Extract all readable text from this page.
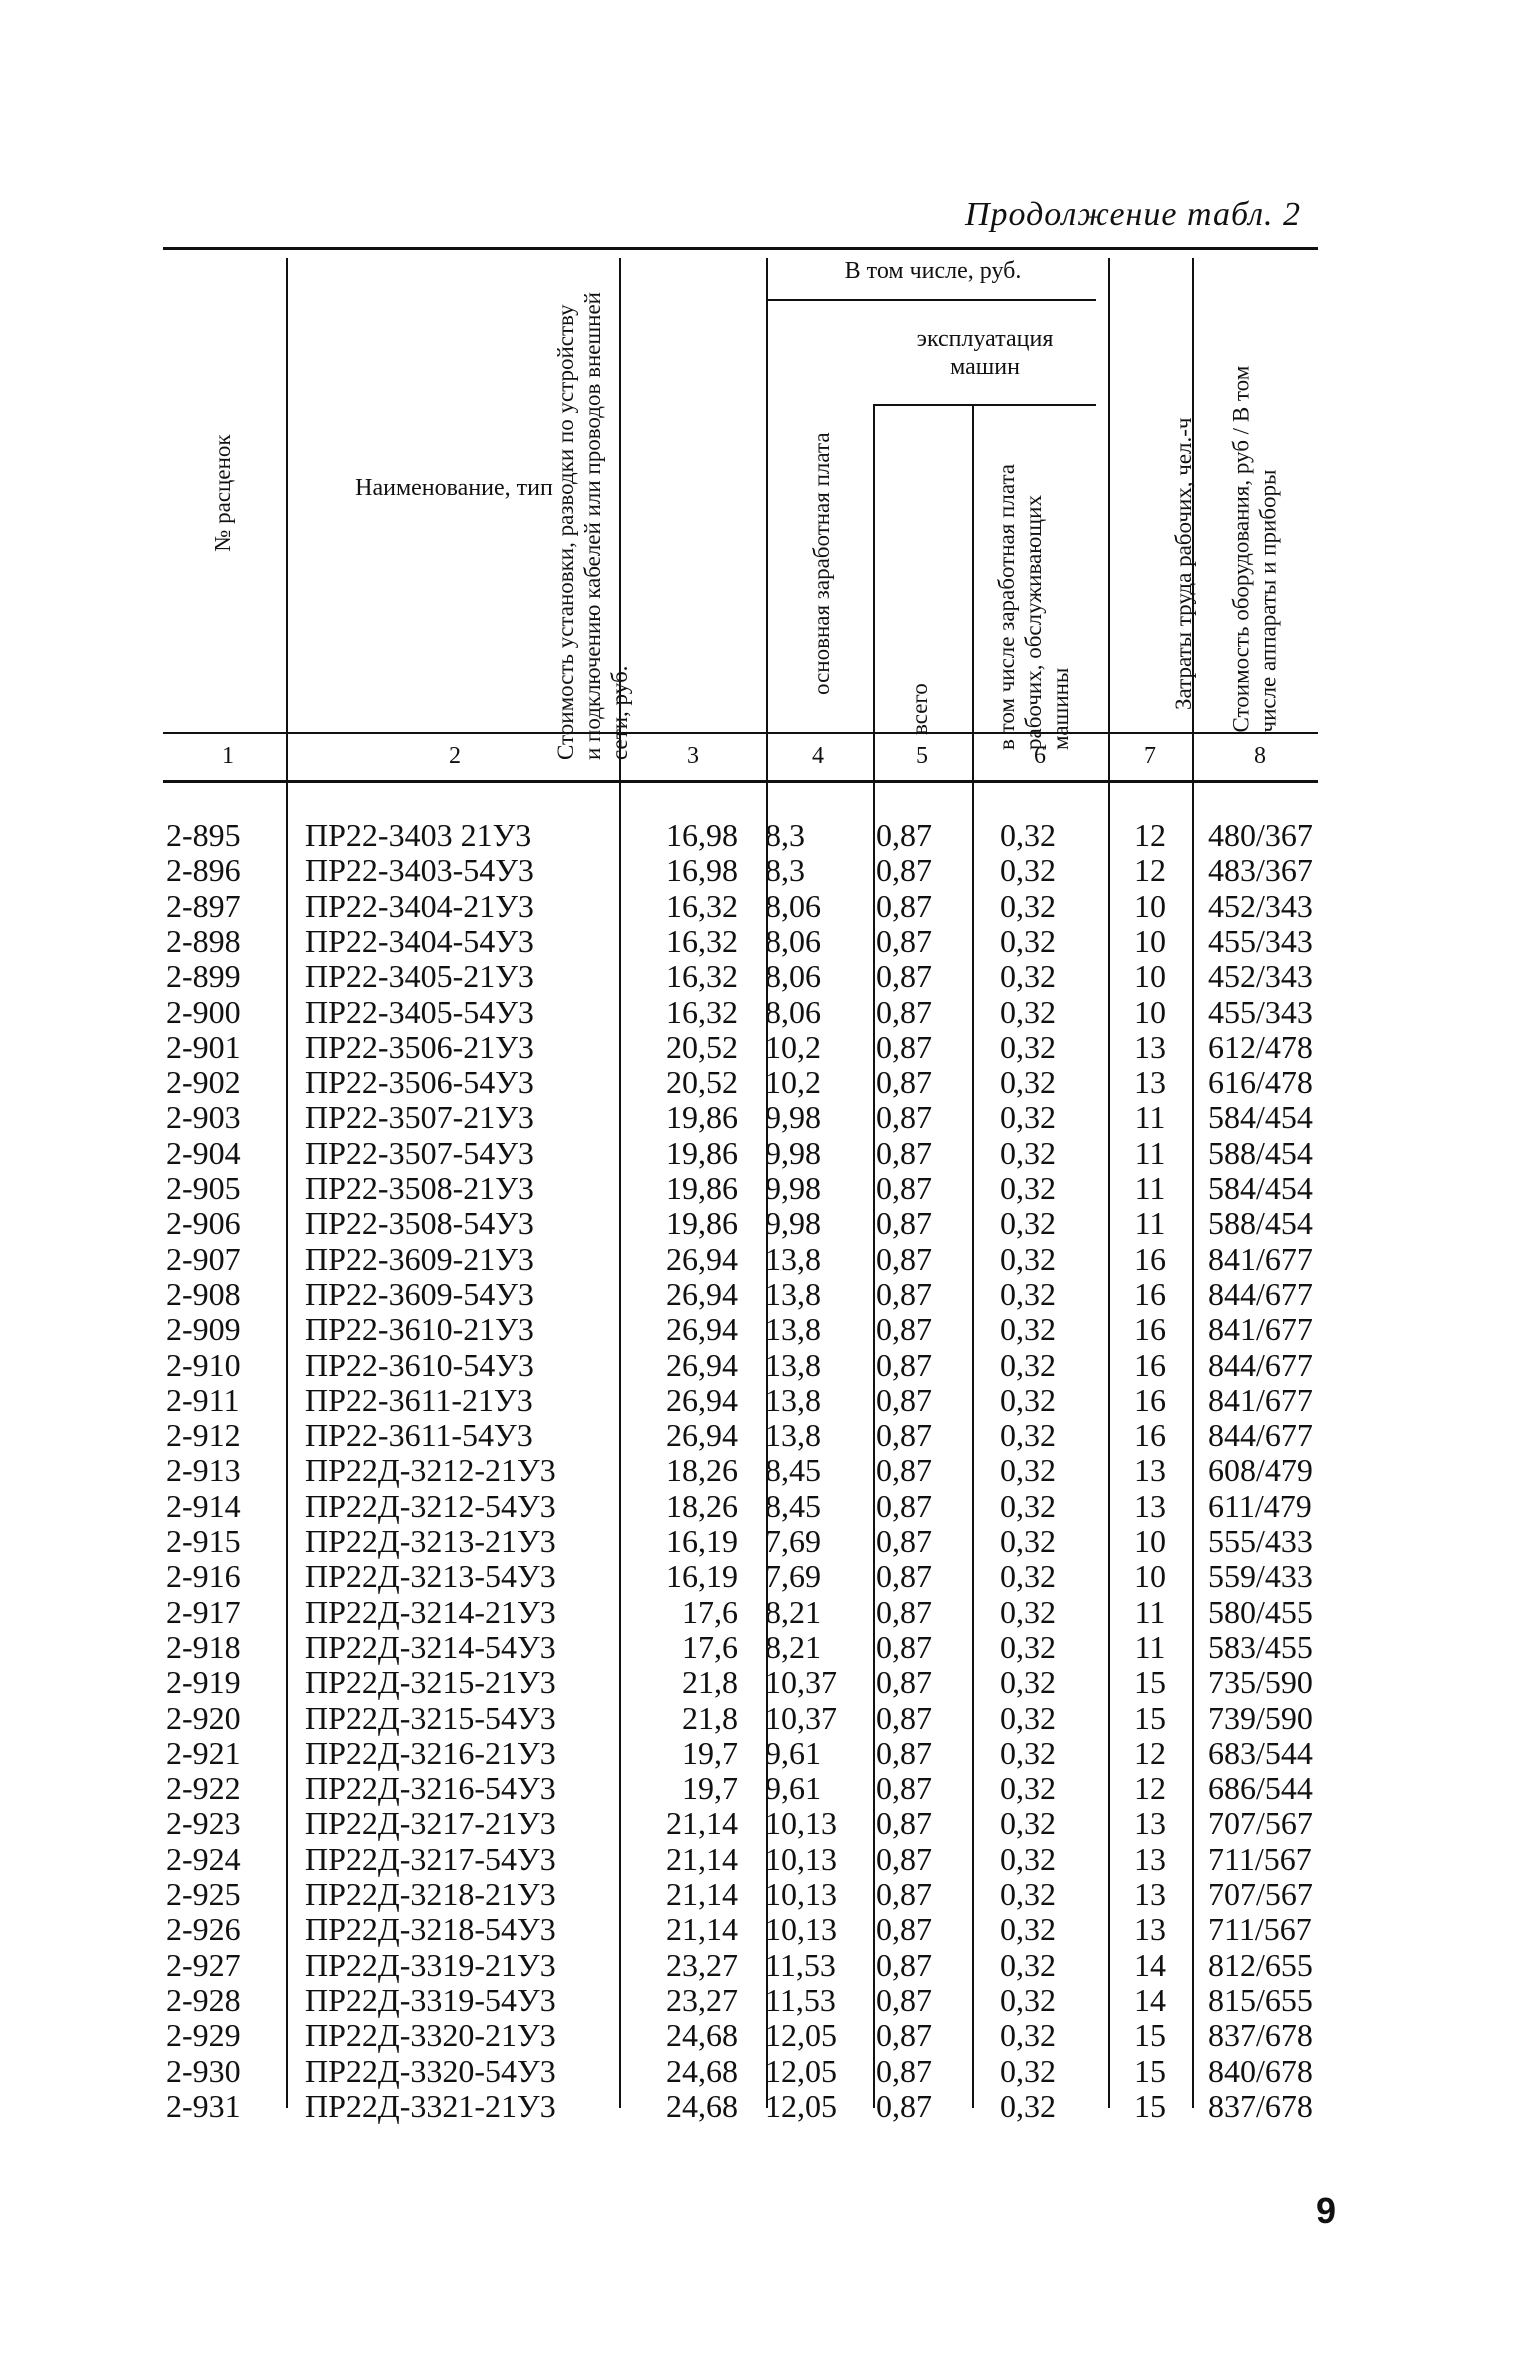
Продолжение табл. 2
№ расценок	Наименование, тип Стоимость установки, разводки по устройству и подключению кабелей или проводов внешней сети, руб.
В том числе, руб.
основная заработная плата
эксплуатация машин
всего	в том числе заработная плата рабочих, обслуживающих машины	Затраты труда рабочих, чел.-ч Стоимость оборудования, руб / В том числе аппараты и приборы
1	2	3	4	5	6	7	8
2-895	ПР22-3403 21У3	16,98 8,3	0,87	0,32	12	480/367
2-896	ПР22-3403-54У3	16,98 8,3	0,87	0,32	12	483/367
2-897	ПР22-3404-21У3	16,32 8,06	0,87	0,32	10	452/343
2-898	ПР22-3404-54У3	16,32 8,06	0,87	0,32	10	455/343
2-899	ПР22-3405-21У3	16,32 8,06	0,87	0,32	10	452/343
2-900	ПР22-3405-54У3	16,32 8,06	0,87	0,32	10	455/343
2-901	ПР22-3506-21У3	20,52 10,2	0,87	0,32	13	612/478
2-902	ПР22-3506-54У3	20,52 10,2	0,87	0,32	13	616/478
2-903	ПР22-3507-21У3	19,86 9,98	0,87	0,32	11	584/454
2-904	ПР22-3507-54У3	19,86 9,98	0,87	0,32	11	588/454
2-905	ПР22-3508-21У3	19,86 9,98	0,87	0,32	11	584/454
2-906	ПР22-3508-54У3	19,86 9,98	0,87	0,32	11	588/454
2-907	ПР22-3609-21У3	26,94 13,8	0,87	0,32	16	841/677
2-908	ПР22-3609-54У3	26,94 13,8	0,87	0,32	16	844/677
2-909	ПР22-3610-21У3	26,94 13,8	0,87	0,32	16	841/677
2-910	ПР22-3610-54У3	26,94 13,8	0,87	0,32	16	844/677
2-911	ПР22-3611-21У3	26,94 13,8	0,87	0,32	16	841/677
2-912	ПР22-3611-54У3	26,94 13,8	0,87	0,32	16	844/677
2-913	ПР22Д-3212-21У3	18,26 8,45	0,87	0,32	13	608/479
2-914	ПР22Д-3212-54У3	18,26 8,45	0,87	0,32	13	611/479
2-915	ПР22Д-3213-21У3	16,19 7,69	0,87	0,32	10	555/433
2-916	ПР22Д-3213-54У3	16,19 7,69	0,87	0,32	10	559/433
2-917	ПР22Д-3214-21У3	17,6 8,21	0,87	0,32	11	580/455
2-918	ПР22Д-3214-54У3	17,6 8,21	0,87	0,32	11	583/455
2-919	ПР22Д-3215-21У3	21,8 10,37	0,87	0,32	15	735/590
2-920	ПР22Д-3215-54У3	21,8 10,37	0,87	0,32	15	739/590
2-921	ПР22Д-3216-21У3	19,7 9,61	0,87	0,32	12	683/544
2-922	ПР22Д-3216-54У3	19,7 9,61	0,87	0,32	12	686/544
2-923	ПР22Д-3217-21У3	21,14 10,13	0,87	0,32	13	707/567
2-924	ПР22Д-3217-54У3	21,14 10,13	0,87	0,32	13	711/567
2-925	ПР22Д-3218-21У3	21,14 10,13	0,87	0,32	13	707/567
2-926	ПР22Д-3218-54У3	21,14 10,13	0,87	0,32	13	711/567
2-927	ПР22Д-3319-21У3	23,27 11,53	0,87	0,32	14	812/655
2-928	ПР22Д-3319-54У3	23,27 11,53	0,87	0,32	14	815/655
2-929	ПР22Д-3320-21У3	24,68 12,05	0,87	0,32	15	837/678
2-930	ПР22Д-3320-54У3	24,68 12,05	0,87	0,32	15	840/678
2-931	ПР22Д-3321-21У3	24,68 12,05	0,87	0,32	15	837/678
9
